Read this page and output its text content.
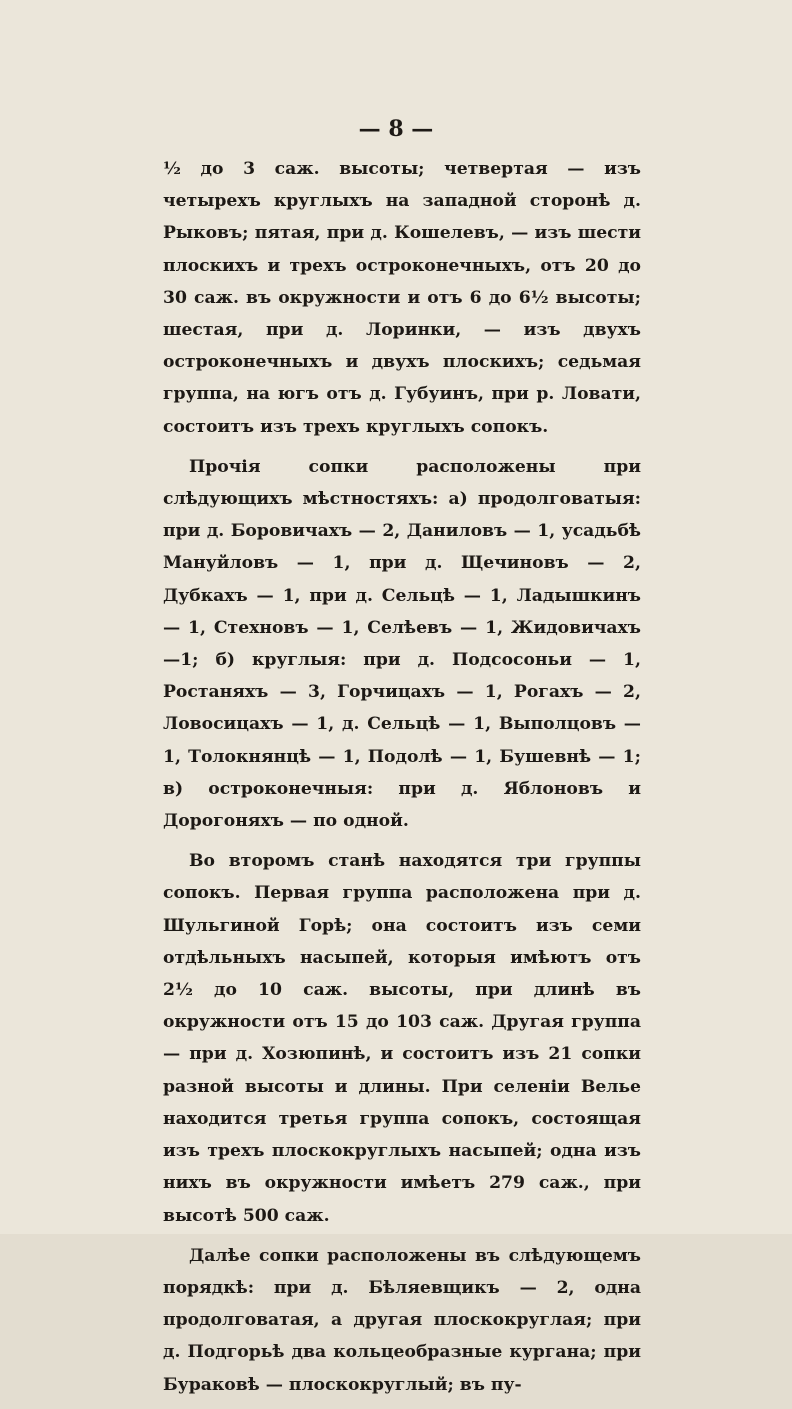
— 8 —

½ до 3 саж. высоты; четвертая — изъ четырехъ круглыхъ на западной сторонѣ д. Рыковъ; пятая, при д. Кошелевъ, — изъ шести плоскихъ и трехъ остроконечныхъ, отъ 20 до 30 саж. въ окружности и отъ 6 до 6½ высоты; шестая, при д. Лоринки, — изъ двухъ остроконечныхъ и двухъ плоскихъ; седьмая группа, на югъ отъ д. Губуинъ, при р. Ловати, состоитъ изъ трехъ круглыхъ сопокъ.

Прочія сопки расположены при слѣдующихъ мѣстностяхъ: а) продолговатыя: при д. Боровичахъ — 2, Даниловъ — 1, усадьбѣ Мануйловъ — 1, при д. Щечиновъ — 2, Дубкахъ — 1, при д. Сельцѣ — 1, Ладышкинъ — 1, Стехновъ — 1, Селѣевъ — 1, Жидовичахъ —1; б) круглыя: при д. Подсосоньи — 1, Ростаняхъ — 3, Горчицахъ — 1, Рогахъ — 2, Ловосицахъ — 1, д. Сельцѣ — 1, Выполцовъ — 1, Толокнянцѣ — 1, Подолѣ — 1, Бушевнѣ — 1; в) остроконечныя: при д. Яблоновъ и Дорогоняхъ — по одной.

Во второмъ станѣ находятся три группы сопокъ. Первая группа расположена при д. Шульгиной Горѣ; она состоитъ изъ семи отдѣльныхъ насыпей, которыя имѣютъ отъ 2½ до 10 саж. высоты, при длинѣ въ окружности отъ 15 до 103 саж. Другая группа — при д. Хозюпинѣ, и состоитъ изъ 21 сопки разной высоты и длины. При селеніи Велье находится третья группа сопокъ, состоящая изъ трехъ плоскокруглыхъ насыпей; одна изъ нихъ въ окружности имѣетъ 279 саж., при высотѣ 500 саж.

Далѣе сопки расположены въ слѣдующемъ порядкѣ: при д. Бѣляевщикъ — 2, одна продолговатая, а другая плоскокруглая; при д. Подгорьѣ два кольцеобразные кургана; при Бураковѣ — плоскокруглый; въ пу-
